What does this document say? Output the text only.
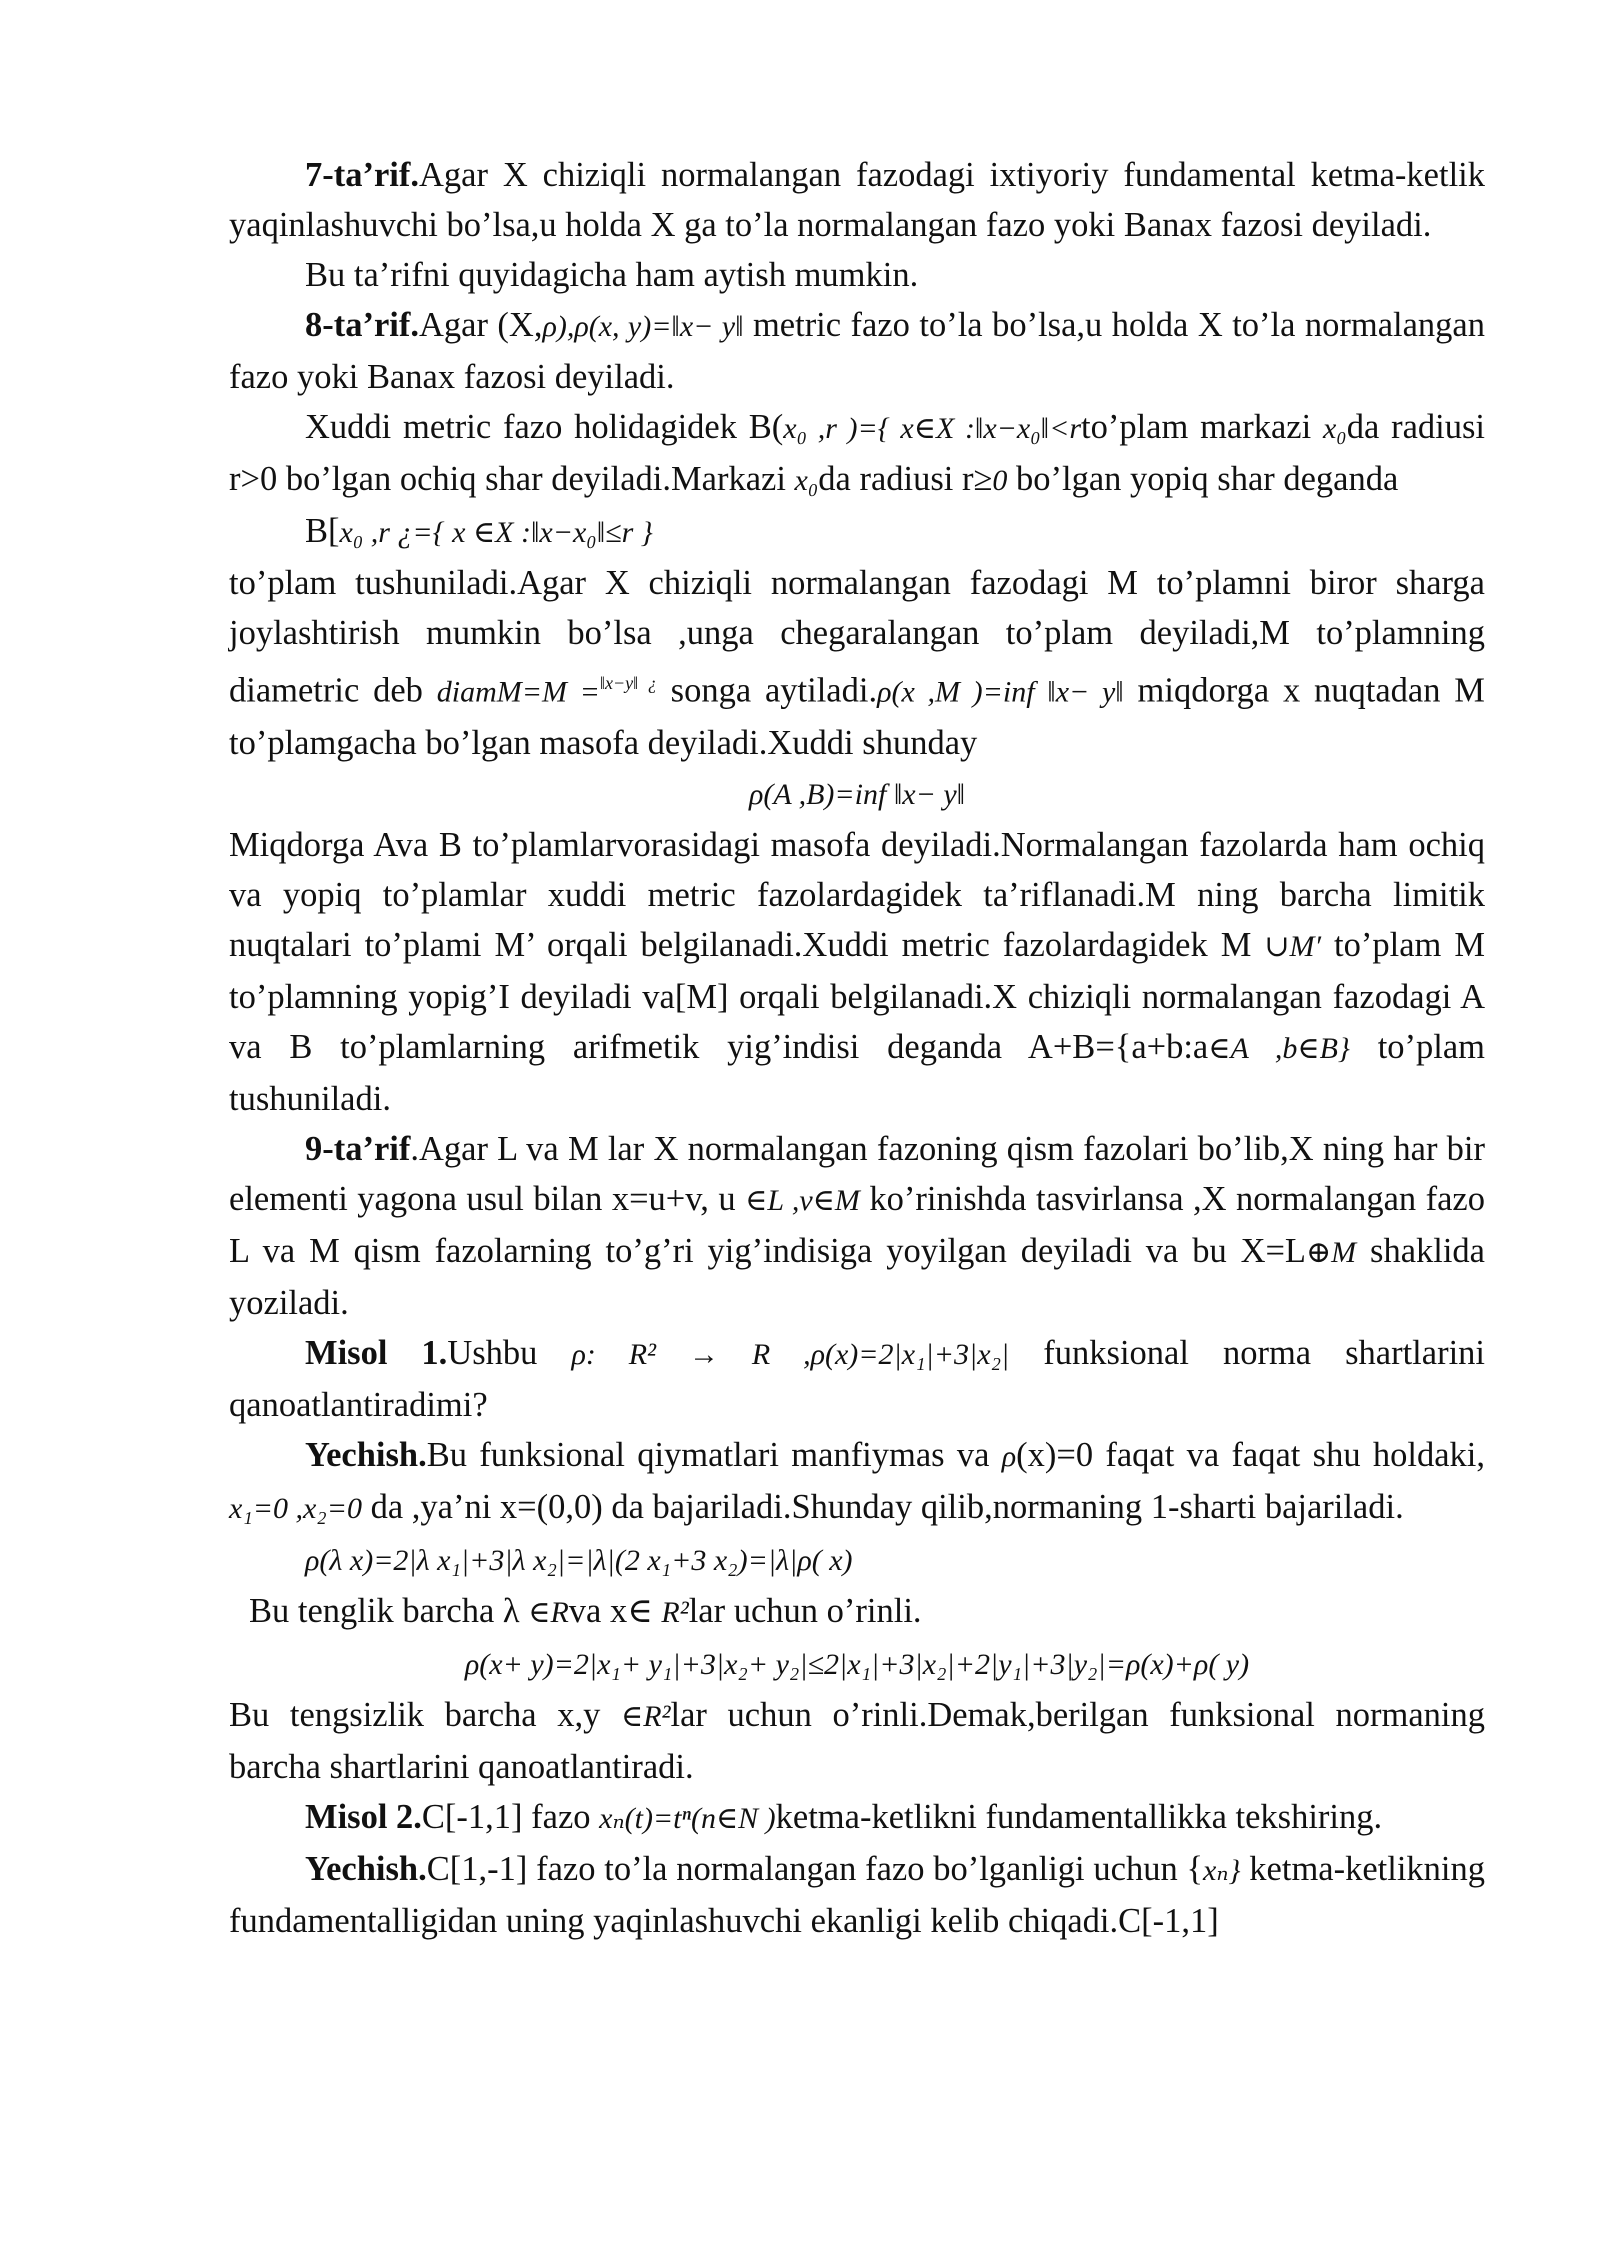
7-ta’rif.Agar X chiziqli normalangan fazodagi ixtiyoriy fundamental ketma-ketlik yaqinlashuvchi bo’lsa,u holda X ga to’la normalangan fazo yoki Banax fazosi deyiladi.

Bu ta’rifni quyidagicha ham aytish mumkin.

8-ta’rif.Agar (X,ρ),ρ(x, y)=‖x− y‖ metric fazo to’la bo’lsa,u holda X to’la normalangan fazo yoki Banax fazosi deyiladi.

Xuddi metric fazo holidagidek B(x₀ ,r )={ x∈X :‖x−x₀‖<rto’plam markazi x₀da radiusi r>0 bo’lgan ochiq shar deyiladi.Markazi x₀da radiusi r≥0 bo’lgan yopiq shar deganda

B[x₀ ,r ¿={ x ∈X :‖x−x₀‖≤r }

to’plam tushuniladi.Agar X chiziqli normalangan fazodagi M to’plamni biror sharga joylashtirish mumkin bo’lsa ,unga chegaralangan to’plam deyiladi,M to’plamning diametric deb diamM=M =$^{‖x-y‖ ¿}$ songa aytiladi.ρ(x ,M )=inf ‖x− y‖ miqdorga x nuqtadan M to’plamgacha bo’lgan masofa deyiladi.Xuddi shunday

ρ(A ,B)=inf ‖x− y‖

Miqdorga Ava B to’plamlarvorasidagi masofa deyiladi.Normalangan fazolarda ham ochiq va yopiq to’plamlar xuddi metric fazolardagidek ta’riflanadi.M ning barcha limitik nuqtalari to’plami M’ orqali belgilanadi.Xuddi metric fazolardagidek M ∪M′ to’plam M to’plamning yopig’I deyiladi va[M] orqali belgilanadi.X chiziqli normalangan fazodagi A va B to’plamlarning arifmetik yig’indisi deganda A+B={a+b:a∈A ,b∈B} to’plam tushuniladi.

9-ta’rif.Agar L va M lar X normalangan fazoning qism fazolari bo’lib,X ning har bir elementi yagona usul bilan x=u+v, u ∈L ,v∈M ko’rinishda tasvirlansa ,X normalangan fazo L va M qism fazolarning to’g’ri yig’indisiga yoyilgan deyiladi va bu X=L⊕M shaklida yoziladi.

Misol 1.Ushbu ρ: R² → R ,ρ(x)=2|x₁|+3|x₂| funksional norma shartlarini qanoatlantiradimi?

Yechish.Bu funksional qiymatlari manfiymas va ρ(x)=0 faqat va faqat shu holdaki, x₁=0 ,x₂=0 da ,ya’ni x=(0,0) da bajariladi.Shunday qilib,normaning 1-sharti bajariladi.

ρ(λ x)=2|λ x₁|+3|λ x₂|=|λ|(2 x₁+3 x₂)=|λ|ρ( x)

Bu tenglik barcha λ ∈Rva x∈ R²lar uchun o’rinli.

ρ(x+ y)=2|x₁+ y₁|+3|x₂+ y₂|≤2|x₁|+3|x₂|+2|y₁|+3|y₂|=ρ(x)+ρ( y)

Bu tengsizlik barcha x,y ∈R²lar uchun o’rinli.Demak,berilgan funksional normaning barcha shartlarini qanoatlantiradi.

Misol 2.C[-1,1] fazo xₙ(t)=tⁿ(n∈N )ketma-ketlikni fundamentallikka tekshiring.

Yechish.C[1,-1] fazo to’la normalangan fazo bo’lganligi uchun {xₙ} ketma-ketlikning fundamentalligidan uning yaqinlashuvchi ekanligi kelib chiqadi.C[-1,1]
